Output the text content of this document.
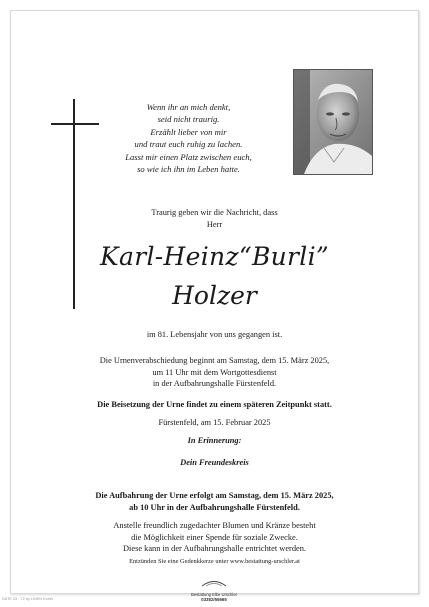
Wenn ihr an mich denkt,
seid nicht traurig.
Erzählt lieber von mir
und traut euch ruhig zu lachen.
Lasst mir einen Platz zwischen euch,
so wie ich ihn im Leben hatte.	YL
Traurig geben wir die Nachricht, dass
Herr
Karl-Heinz“Burli”
Holzer
im 81. Lebensjahr von uns gegangen ist.
Die Urnenverabschiedung beginnt am Samstag, dem 15. März 2025,
um 11 Uhr mit dem Wortgottesdienst
in der Aufbahrungshalle Fürstenfeld.
Die Beisetzung der Urne findet zu einem späteren Zeitpunkt statt.
Fürstenfeld, am 15. Februar 2025
In Erinnerung:
Dein Freundeskreis
Die Aufbahrung der Urne erfolgt am Samstag, dem 15. März 2025,
ab 10 Uhr in der Aufbahrungshalle Fürstenfeld.
Anstelle freundlich zugedachter Blumen und Kränze besteht
die Möglichkeit einer Spende für soziale Zwecke.
Diese kann in der Aufbahrungshalle entrichtet werden.
Entzünden Sie eine Gedenkkerze unter www.bestattung-urschler.at
Bestattung Elke Urschler
03382/55665
DATE 03 · 72 by LINEN Kurier
